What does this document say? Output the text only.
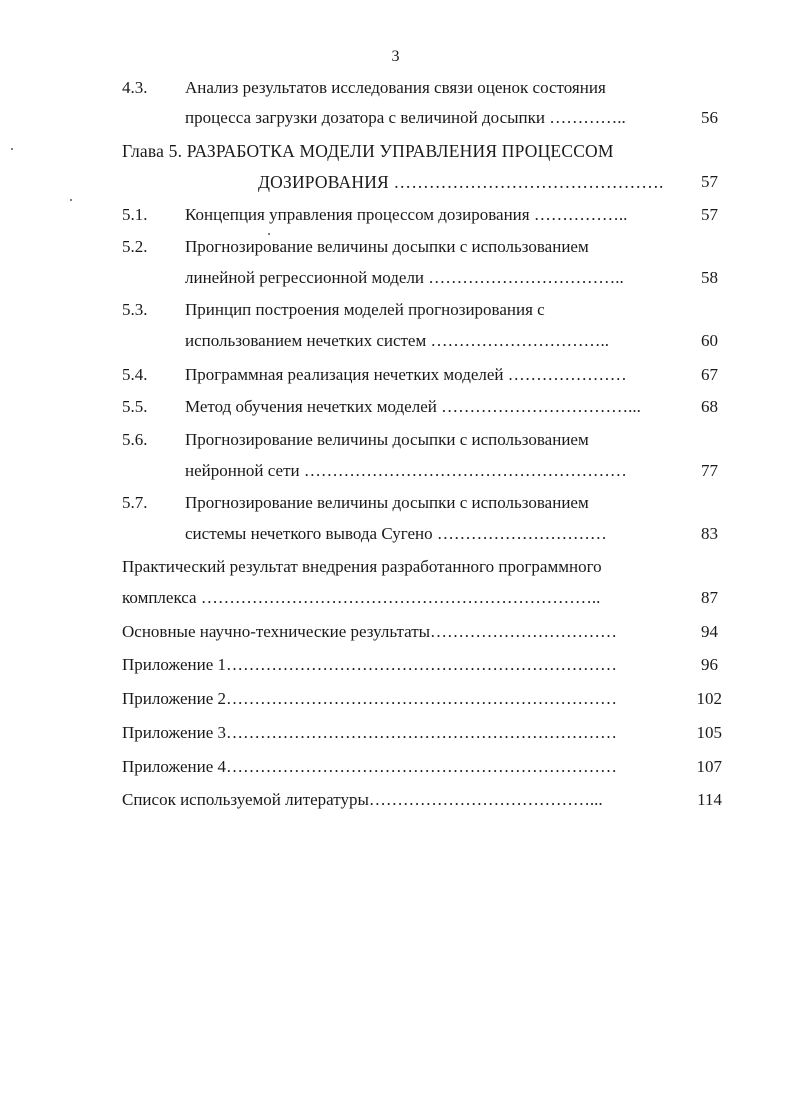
3
4.3. Анализ результатов исследования связи оценок состояния
процесса загрузки дозатора с величиной досыпки …………..	56
Глава 5. РАЗРАБОТКА МОДЕЛИ УПРАВЛЕНИЯ ПРОЦЕССОМ
ДОЗИРОВАНИЯ ……………………………………….	57
5.1. Концепция управления процессом дозирования ……………..	57
5.2. Прогнозирование величины досыпки с использованием
линейной регрессионной модели ……………………………..	58
5.3. Принцип построения моделей прогнозирования с
использованием нечетких систем …………………………..	60
5.4. Программная реализация нечетких моделей …………………	67
5.5. Метод обучения нечетких моделей ……………………………...	68
5.6. Прогнозирование величины досыпки с использованием
нейронной сети …………………………………………………	77
5.7. Прогнозирование величины досыпки с использованием
системы нечеткого вывода Сугено …………………………	83
Практический результат внедрения разработанного программного
комплекса ……………………………………………………………..	87
Основные научно-технические результаты……………………………	94
Приложение 1……………………………………………………………	96
Приложение 2……………………………………………………………	102
Приложение 3……………………………………………………………	105
Приложение 4……………………………………………………………	107
Список используемой литературы…………………………………...	114
